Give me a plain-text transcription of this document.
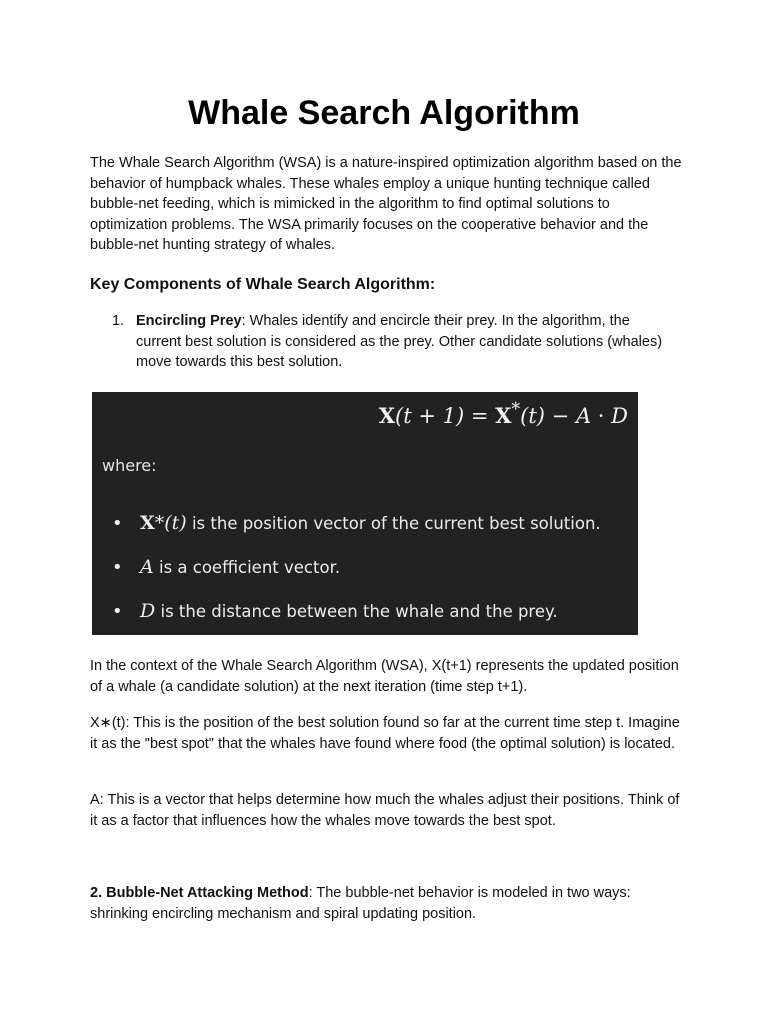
Whale Search Algorithm

The Whale Search Algorithm (WSA) is a nature-inspired optimization algorithm based on the behavior of humpback whales. These whales employ a unique hunting technique called bubble-net feeding, which is mimicked in the algorithm to find optimal solutions to optimization problems. The WSA primarily focuses on the cooperative behavior and the bubble-net hunting strategy of whales.

Key Components of Whale Search Algorithm:
1. Encircling Prey: Whales identify and encircle their prey. In the algorithm, the current best solution is considered as the prey. Other candidate solutions (whales) move towards this best solution.
X(t + 1) = X*(t) − A · D
where:
• X*(t) is the position vector of the current best solution.
• A is a coefficient vector.
• D is the distance between the whale and the prey.

In the context of the Whale Search Algorithm (WSA), X(t+1) represents the updated position of a whale (a candidate solution) at the next iteration (time step t+1).

X∗(t): This is the position of the best solution found so far at the current time step t. Imagine it as the "best spot" that the whales have found where food (the optimal solution) is located.

A: This is a vector that helps determine how much the whales adjust their positions. Think of it as a factor that influences how the whales move towards the best spot.

2. Bubble-Net Attacking Method: The bubble-net behavior is modeled in two ways: shrinking encircling mechanism and spiral updating position.
